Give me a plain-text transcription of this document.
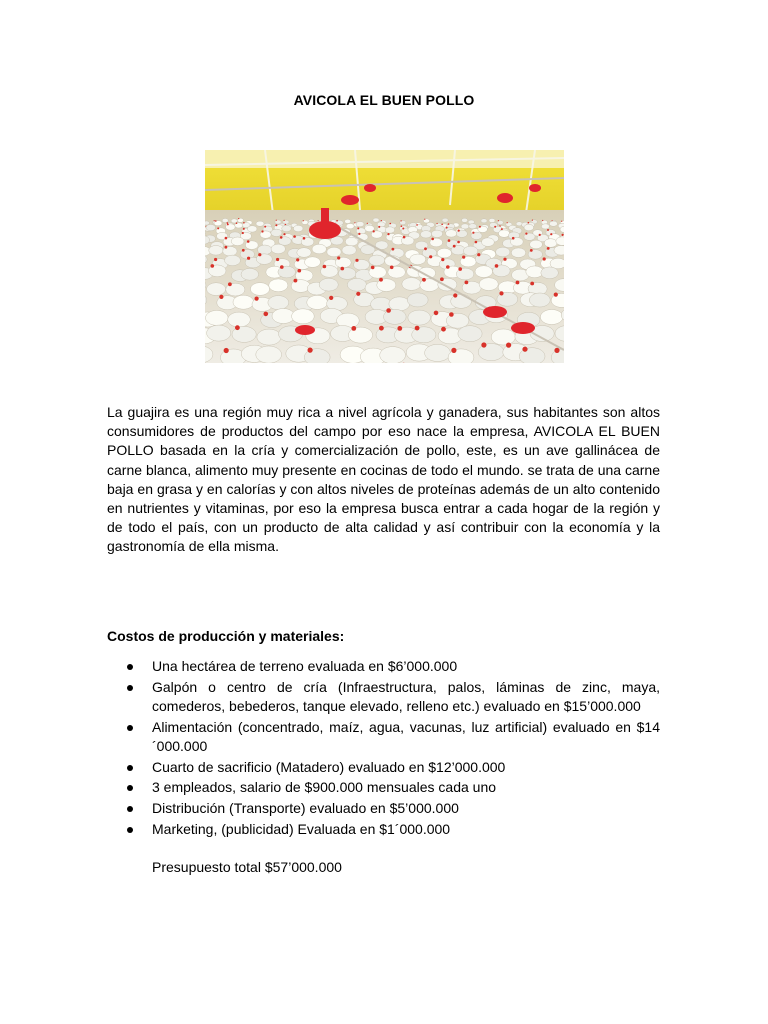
AVICOLA EL BUEN POLLO

La guajira es una región muy rica a nivel agrícola y ganadera, sus habitantes son altos consumidores de productos del campo por eso nace la empresa, AVICOLA EL BUEN POLLO basada en la cría y comercialización de pollo, este, es un ave gallinácea de carne blanca, alimento muy presente en cocinas de todo el mundo. se trata de una carne baja en grasa y en calorías y con altos niveles de proteínas además de un alto contenido en nutrientes y vitaminas, por eso la empresa busca entrar a cada hogar de la región y de todo el país, con un producto de alta calidad y así contribuir con la economía y la gastronomía de ella misma.

Costos de producción y materiales:

Una hectárea de terreno evaluada en $6’000.000
Galpón o centro de cría (Infraestructura, palos, láminas de zinc, maya, comederos, bebederos, tanque elevado, relleno etc.) evaluado en $15’000.000
Alimentación (concentrado, maíz, agua, vacunas, luz artificial) evaluado en $14´000.000
Cuarto de sacrificio (Matadero) evaluado en $12’000.000
3 empleados, salario de $900.000 mensuales cada uno
Distribución (Transporte) evaluado en $5’000.000
Marketing, (publicidad) Evaluada en $1´000.000
Presupuesto total $57’000.000
